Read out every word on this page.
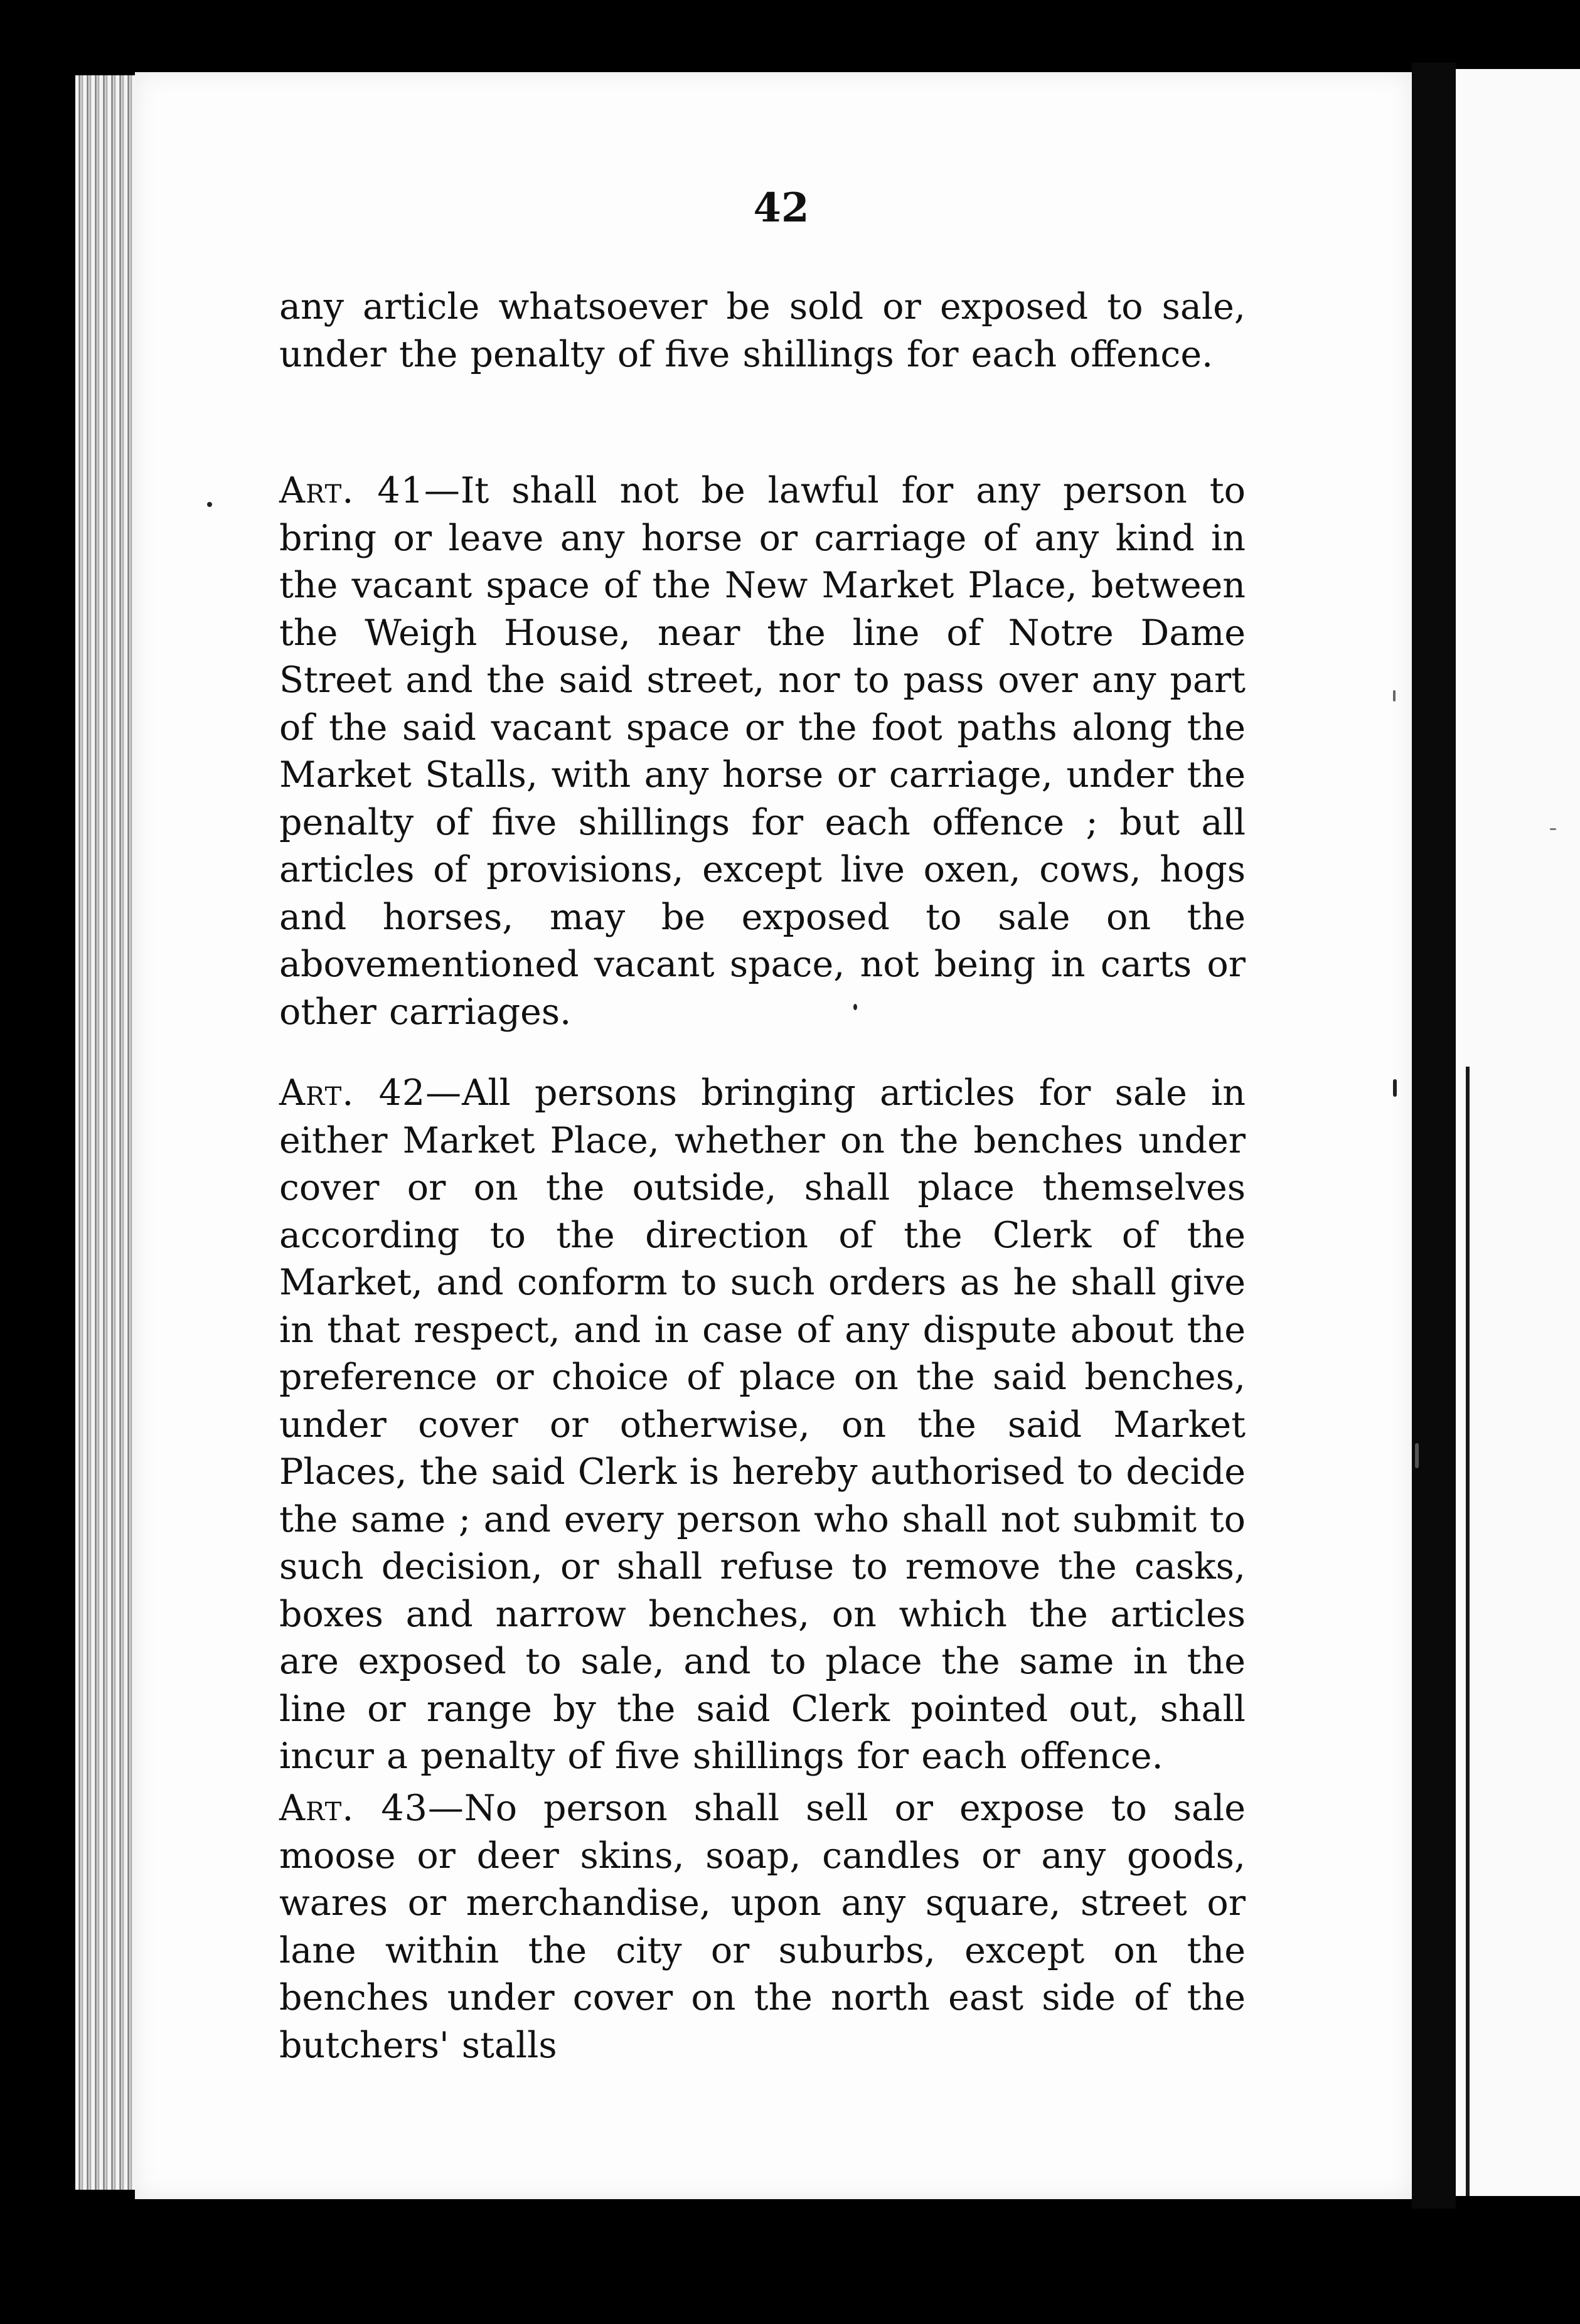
42
any article whatsoever be sold or exposed to sale, under the penalty of five shillings for each offence.
Art. 41—It shall not be lawful for any person to bring or leave any horse or carriage of any kind in the vacant space of the New Market Place, between the Weigh House, near the line of Notre Dame Street and the said street, nor to pass over any part of the said vacant space or the foot paths along the Market Stalls, with any horse or carriage, under the penalty of five shillings for each offence ; but all articles of provisions, except live oxen, cows, hogs and horses, may be exposed to sale on the abovementioned vacant space, not being in carts or other carriages.
Art. 42—All persons bringing articles for sale in either Market Place, whether on the benches under cover or on the outside, shall place themselves according to the direction of the Clerk of the Market, and conform to such orders as he shall give in that respect, and in case of any dispute about the preference or choice of place on the said benches, under cover or otherwise, on the said Market Places, the said Clerk is hereby authorised to decide the same ; and every person who shall not submit to such decision, or shall refuse to remove the casks, boxes and narrow benches, on which the articles are exposed to sale, and to place the same in the line or range by the said Clerk pointed out, shall incur a penalty of five shillings for each offence.
Art. 43—No person shall sell or expose to sale moose or deer skins, soap, candles or any goods, wares or merchandise, upon any square, street or lane within the city or suburbs, except on the benches under cover on the north east side of the butchers' stalls
